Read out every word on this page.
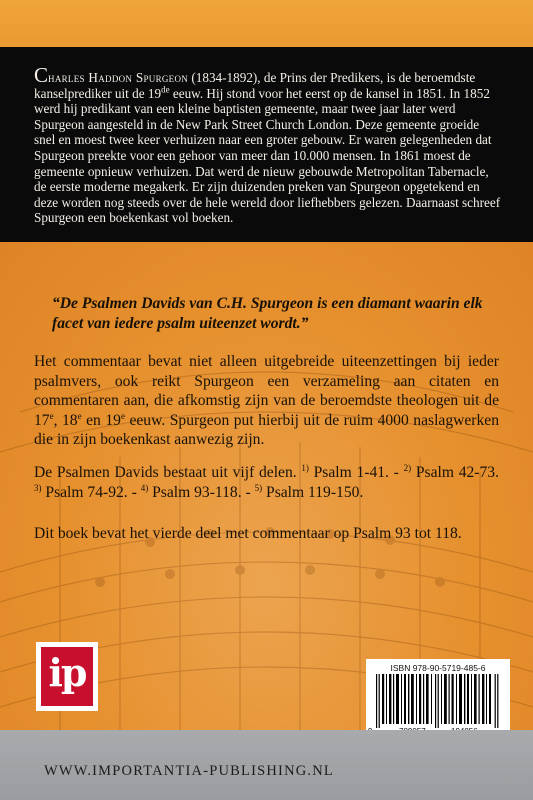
Charles Haddon Spurgeon (1834-1892), de Prins der Predikers, is de beroemdste kanselprediker uit de 19de eeuw. Hij stond voor het eerst op de kansel in 1851. In 1852 werd hij predikant van een kleine baptisten gemeente, maar twee jaar later werd Spurgeon aangesteld in de New Park Street Church London. Deze gemeente groeide snel en moest twee keer verhuizen naar een groter gebouw. Er waren gelegenheden dat Spurgeon preekte voor een gehoor van meer dan 10.000 mensen. In 1861 moest de gemeente opnieuw verhuizen. Dat werd de nieuw gebouwde Metropolitan Tabernacle, de eerste moderne megakerk. Er zijn duizenden preken van Spurgeon opgetekend en deze worden nog steeds over de hele wereld door liefhebbers gelezen. Daarnaast schreef Spurgeon een boekenkast vol boeken.

“De Psalmen Davids van C.H. Spurgeon is een diamant waarin elk facet van iedere psalm uiteenzet wordt.”

Het commentaar bevat niet alleen uitgebreide uiteenzettingen bij ieder psalmvers, ook reikt Spurgeon een verzameling aan citaten en commentaren aan, die afkomstig zijn van de beroemdste theologen uit de 17e, 18e en 19e eeuw. Spurgeon put hierbij uit de ruim 4000 naslagwerken die in zijn boekenkast aanwezig zijn.

De Psalmen Davids bestaat uit vijf delen. $^{1)}$ Psalm 1-41. - $^{2)}$ Psalm 42-73. $^{3)}$ Psalm 74-92. - $^{4)}$ Psalm 93-118. - $^{5)}$ Psalm 119-150.

Dit boek bevat het vierde deel met commentaar op Psalm 93 tot 118.

ip	ISBN 978-90-5719-485-6
WWW.IMPORTANTIA-PUBLISHING.NL
